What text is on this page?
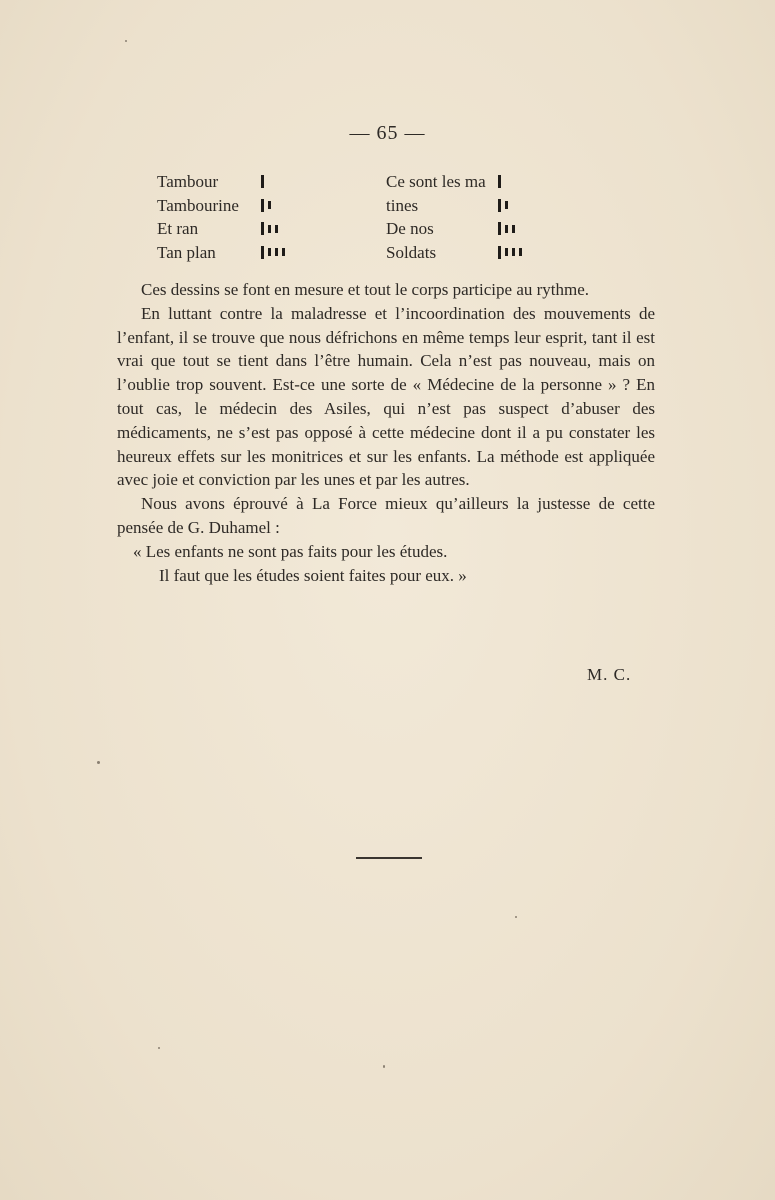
— 65 —
Tambour	Ce sont les ma
Tambourine	tines
Et ran	De nos
Tan plan	Soldats

Ces dessins se font en mesure et tout le corps participe au rythme.

En luttant contre la maladresse et l’incoordination des mouvements de l’enfant, il se trouve que nous défrichons en même temps leur esprit, tant il est vrai que tout se tient dans l’être humain. Cela n’est pas nouveau, mais on l’oublie trop souvent. Est-ce une sorte de « Médecine de la personne » ? En tout cas, le médecin des Asiles, qui n’est pas suspect d’abuser des médicaments, ne s’est pas opposé à cette médecine dont il a pu constater les heureux effets sur les monitrices et sur les enfants. La méthode est appliquée avec joie et conviction par les unes et par les autres.

Nous avons éprouvé à La Force mieux qu’ailleurs la justesse de cette pensée de G. Duhamel :

« Les enfants ne sont pas faits pour les études.

Il faut que les études soient faites pour eux. »

M. C.
